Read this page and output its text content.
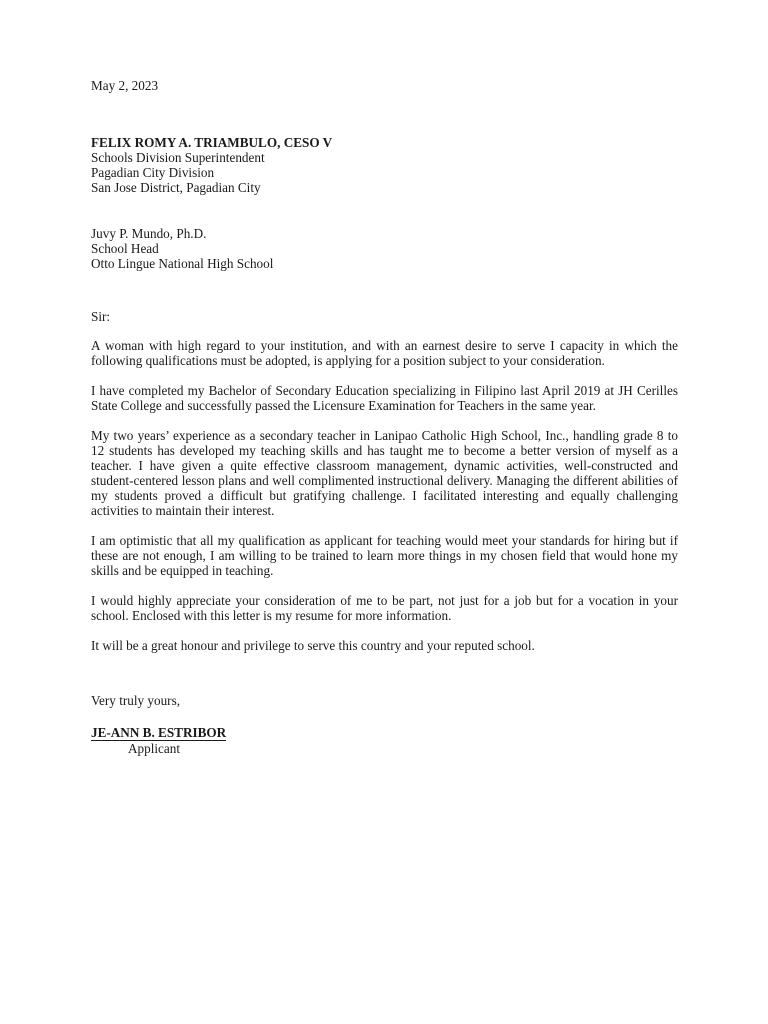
May 2, 2023
FELIX ROMY A. TRIAMBULO, CESO V
Schools Division Superintendent
Pagadian City Division
San Jose District, Pagadian City
Juvy P. Mundo, Ph.D.
School Head
Otto Lingue National High School
Sir:

A woman with high regard to your institution, and with an earnest desire to serve I capacity in which the following qualifications must be adopted, is applying for a position subject to your consideration.

I have completed my Bachelor of Secondary Education specializing in Filipino last April 2019 at JH Cerilles State College and successfully passed the Licensure Examination for Teachers in the same year.

My two years’ experience as a secondary teacher in Lanipao Catholic High School, Inc., handling grade 8 to 12 students has developed my teaching skills and has taught me to become a better version of myself as a teacher. I have given a quite effective classroom management, dynamic activities, well-constructed and student-centered lesson plans and well complimented instructional delivery. Managing the different abilities of my students proved a difficult but gratifying challenge. I facilitated interesting and equally challenging activities to maintain their interest.

I am optimistic that all my qualification as applicant for teaching would meet your standards for hiring but if these are not enough, I am willing to be trained to learn more things in my chosen field that would hone my skills and be equipped in teaching.

I would highly appreciate your consideration of me to be part, not just for a job but for a vocation in your school. Enclosed with this letter is my resume for more information.

It will be a great honour and privilege to serve this country and your reputed school.

Very truly yours,
JE-ANN B. ESTRIBOR
Applicant
